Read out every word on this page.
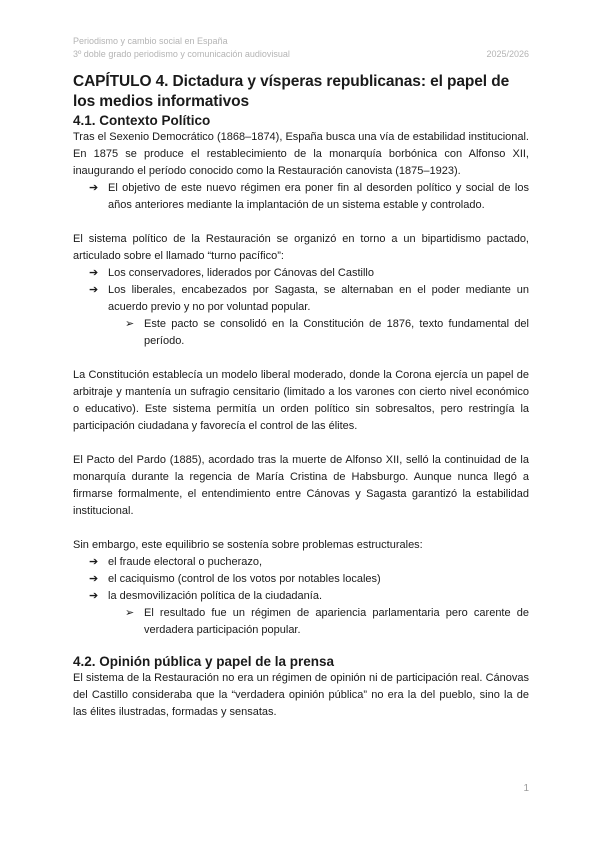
Periodismo y cambio social en España
3º doble grado periodismo y comunicación audiovisual	2025/2026
CAPÍTULO 4. Dictadura y vísperas republicanas: el papel de los medios informativos
4.1. Contexto Político

Tras el Sexenio Democrático (1868–1874), España busca una vía de estabilidad institucional. En 1875 se produce el restablecimiento de la monarquía borbónica con Alfonso XII, inaugurando el período conocido como la Restauración canovista (1875–1923).

➔ El objetivo de este nuevo régimen era poner fin al desorden político y social de los años anteriores mediante la implantación de un sistema estable y controlado.

El sistema político de la Restauración se organizó en torno a un bipartidismo pactado, articulado sobre el llamado “turno pacífico”:

➔ Los conservadores, liderados por Cánovas del Castillo
➔ Los liberales, encabezados por Sagasta, se alternaban en el poder mediante un acuerdo previo y no por voluntad popular.
➢ Este pacto se consolidó en la Constitución de 1876, texto fundamental del período.

La Constitución establecía un modelo liberal moderado, donde la Corona ejercía un papel de arbitraje y mantenía un sufragio censitario (limitado a los varones con cierto nivel económico o educativo). Este sistema permitía un orden político sin sobresaltos, pero restringía la participación ciudadana y favorecía el control de las élites.

El Pacto del Pardo (1885), acordado tras la muerte de Alfonso XII, selló la continuidad de la monarquía durante la regencia de María Cristina de Habsburgo. Aunque nunca llegó a firmarse formalmente, el entendimiento entre Cánovas y Sagasta garantizó la estabilidad institucional.

Sin embargo, este equilibrio se sostenía sobre problemas estructurales:

➔ el fraude electoral o pucherazo,
➔ el caciquismo (control de los votos por notables locales)
➔ la desmovilización política de la ciudadanía.
➢ El resultado fue un régimen de apariencia parlamentaria pero carente de verdadera participación popular.
4.2. Opinión pública y papel de la prensa

El sistema de la Restauración no era un régimen de opinión ni de participación real. Cánovas del Castillo consideraba que la “verdadera opinión pública” no era la del pueblo, sino la de las élites ilustradas, formadas y sensatas.

1
